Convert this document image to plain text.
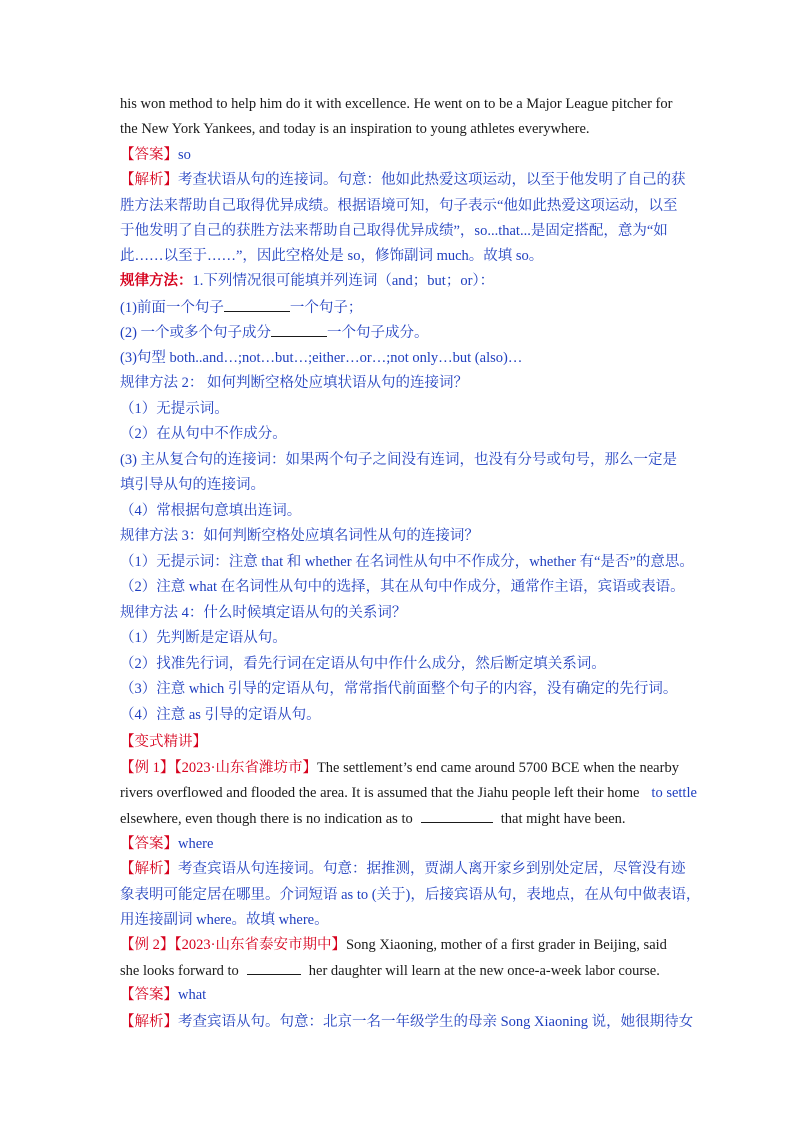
his won method to help him do it with excellence. He went on to be a Major League pitcher for
the New York Yankees, and today is an inspiration to young athletes everywhere.
【答案】so
【解析】考查状语从句的连接词。句意：他如此热爱这项运动，以至于他发明了自己的获
胜方法来帮助自己取得优异成绩。根据语境可知，句子表示“他如此热爱这项运动，以至
于他发明了自己的获胜方法来帮助自己取得优异成绩”，so...that...是固定搭配，意为“如
此……以至于……”，因此空格处是 so，修饰副词 much。故填 so。
规律方法：1.下列情况很可能填并列连词（and；but；or）：
(1)前面一个句子	一个句子；
(2) 一个或多个句子成分	一个句子成分。
(3)句型 both..and…;not…but…;either…or…;not only…but (also)…
规律方法 2： 如何判断空格处应填状语从句的连接词？
（1）无提示词。
（2）在从句中不作成分。
(3) 主从复合句的连接词：如果两个句子之间没有连词，也没有分号或句号，那么一定是
填引导从句的连接词。
（4）常根据句意填出连词。
规律方法 3：如何判断空格处应填名词性从句的连接词？
（1）无提示词：注意 that 和 whether 在名词性从句中不作成分，whether 有“是否”的意思。
（2）注意 what 在名词性从句中的选择，其在从句中作成分，通常作主语，宾语或表语。
规律方法 4：什么时候填定语从句的关系词？
（1）先判断是定语从句。
（2）找准先行词，看先行词在定语从句中作什么成分，然后断定填关系词。
（3）注意 which 引导的定语从句，常常指代前面整个句子的内容，没有确定的先行词。
（4）注意 as 引导的定语从句。
【变式精讲】
【例 1】【2023·山东省潍坊市】The settlement’s end came around 5700 BCE when the nearby
rivers overflowed and flooded the area. It is assumed that the Jiahu people left their home to settle
elsewhere, even though there is no indication as to	that might have been.
【答案】where
【解析】考查宾语从句连接词。句意：据推测，贾湖人离开家乡到别处定居，尽管没有迹
象表明可能定居在哪里。介词短语 as to (关于)，后接宾语从句，表地点，在从句中做表语，
用连接副词 where。故填 where。
【例 2】【2023·山东省泰安市期中】Song Xiaoning, mother of a first grader in Beijing, said
she looks forward to	her daughter will learn at the new once-a-week labor course.
【答案】what
【解析】考查宾语从句。句意：北京一名一年级学生的母亲 Song Xiaoning 说，她很期待女
